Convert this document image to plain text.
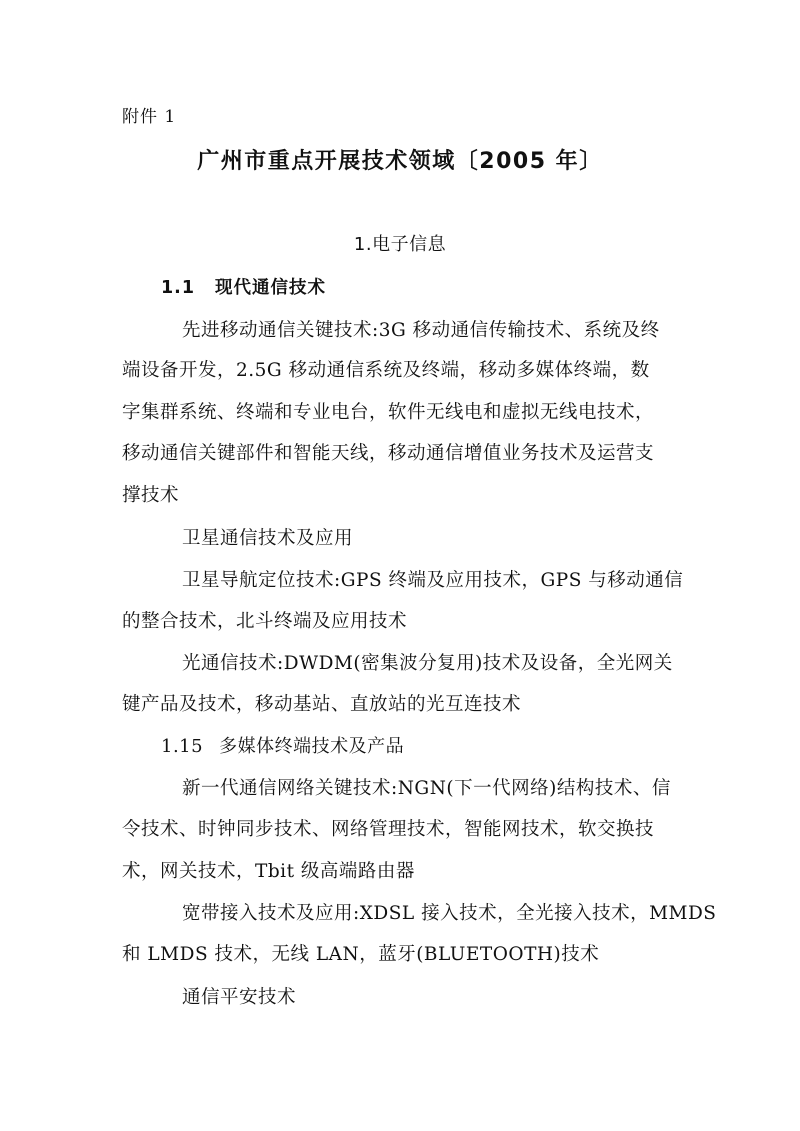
附件 1
广州市重点开展技术领域〔2005 年〕
1.电子信息
1.1 现代通信技术
先进移动通信关键技术:3G 移动通信传输技术、系统及终
端设备开发，2.5G 移动通信系统及终端，移动多媒体终端，数
字集群系统、终端和专业电台，软件无线电和虚拟无线电技术，
移动通信关键部件和智能天线，移动通信增值业务技术及运营支
撑技术
卫星通信技术及应用
卫星导航定位技术:GPS 终端及应用技术，GPS 与移动通信
的整合技术，北斗终端及应用技术
光通信技术:DWDM(密集波分复用)技术及设备，全光网关
键产品及技术，移动基站、直放站的光互连技术
1.15 多媒体终端技术及产品
新一代通信网络关键技术:NGN(下一代网络)结构技术、信
令技术、时钟同步技术、网络管理技术，智能网技术，软交换技
术，网关技术，Tbit 级高端路由器
宽带接入技术及应用:XDSL 接入技术，全光接入技术，MMDS
和 LMDS 技术，无线 LAN，蓝牙(BLUETOOTH)技术
通信平安技术
